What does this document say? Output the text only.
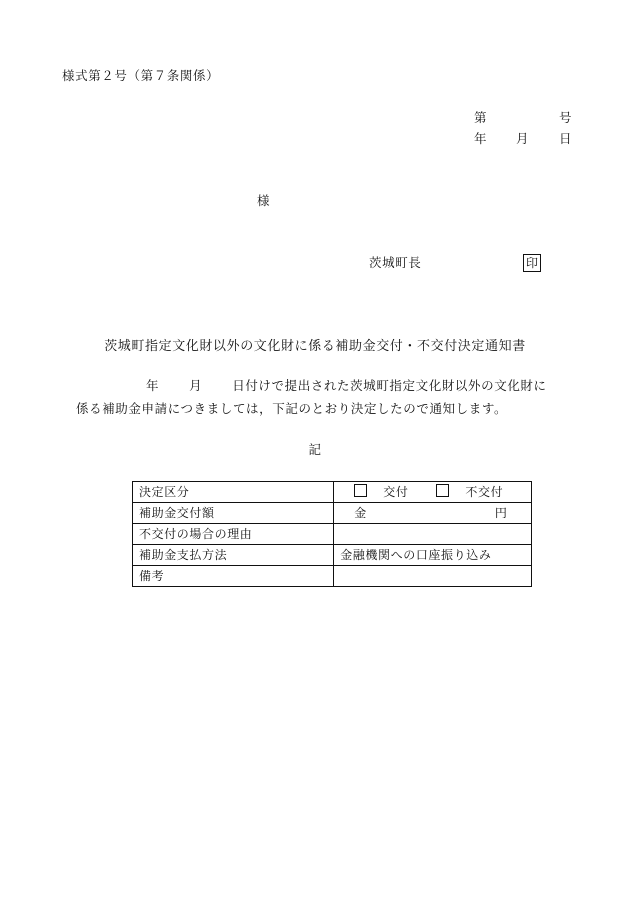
様式第２号（第７条関係）
第	号
年 月 日
様
茨城町長	印
茨城町指定文化財以外の文化財に係る補助金交付・不交付決定通知書
年 月 日付けで提出された茨城町指定文化財以外の文化財に
係る補助金申請につきましては，下記のとおり決定したので通知します。
記
決定区分	交付 不交付
補助金交付額	金 円
不交付の場合の理由	
補助金支払方法	金融機関への口座振り込み
備考	
